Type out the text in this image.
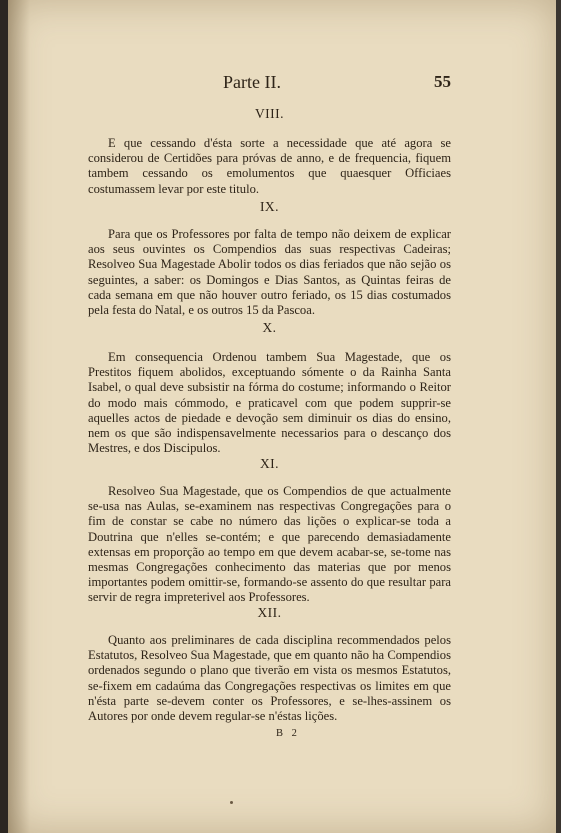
Parte II.	55

VIII.

E que cessando d'ésta sorte a necessidade que até agora se considerou de Certidões para próvas de anno, e de frequencia, fiquem tambem cessando os emolumentos que quaesquer Officiaes costumassem levar por este titulo.

IX.

Para que os Professores por falta de tempo não deixem de explicar aos seus ouvintes os Compendios das suas respectivas Cadeiras; Resolveo Sua Magestade Abolir todos os dias feriados que não sejão os seguintes, a saber: os Domingos e Dias Santos, as Quintas feiras de cada semana em que não houver outro feriado, os 15 dias costumados pela festa do Natal, e os outros 15 da Pascoa.

X.

Em consequencia Ordenou tambem Sua Magestade, que os Prestitos fiquem abolidos, exceptuando sómente o da Rainha Santa Isabel, o qual deve subsistir na fórma do costume; informando o Reitor do modo mais cómmodo, e praticavel com que podem supprir-se aquelles actos de piedade e devoção sem diminuir os dias do ensino, nem os que são indispensavelmente necessarios para o descanço dos Mestres, e dos Discipulos.

XI.

Resolveo Sua Magestade, que os Compendios de que actualmente se-usa nas Aulas, se-examinem nas respectivas Congregações para o fim de constar se cabe no número das lições o explicar-se toda a Doutrina que n'elles se-contém; e que parecendo demasiadamente extensas em proporção ao tempo em que devem acabar-se, se-tome nas mesmas Congregações conhecimento das materias que por menos importantes podem omittir-se, formando-se assento do que resultar para servir de regra impreterivel aos Professores.

XII.

Quanto aos preliminares de cada disciplina recommendados pelos Estatutos, Resolveo Sua Magestade, que em quanto não ha Compendios ordenados segundo o plano que tiverão em vista os mesmos Estatutos, se-fixem em cadaúma das Congregações respectivas os limites em que n'ésta parte se-devem conter os Professores, e se-lhes-assinem os Autores por onde devem regular-se n'éstas lições.

B 2
